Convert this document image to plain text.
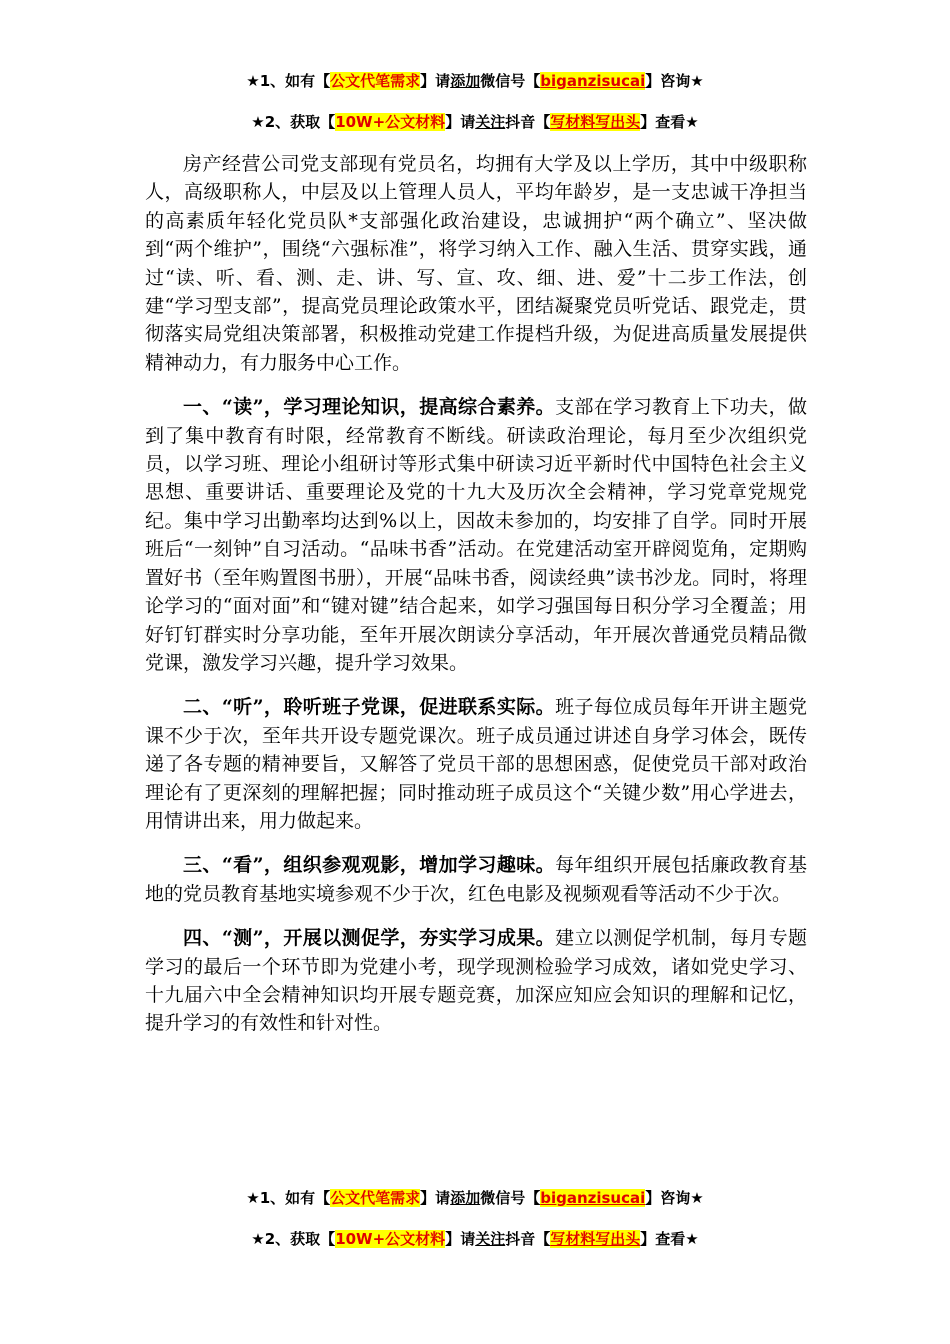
★1、如有【公文代笔需求】请添加微信号【biganzisucai】咨询★
★2、获取【10W+公文材料】请关注抖音【写材料写出头】查看★

房产经营公司党支部现有党员名，均拥有大学及以上学历，其中中级职称人，高级职称人，中层及以上管理人员人，平均年龄岁，是一支忠诚干净担当的高素质年轻化党员队*支部强化政治建设，忠诚拥护“两个确立”、坚决做到“两个维护”，围绕“六强标准”，将学习纳入工作、融入生活、贯穿实践，通过“读、听、看、测、走、讲、写、宣、攻、细、进、爱”十二步工作法，创建“学习型支部”，提高党员理论政策水平，团结凝聚党员听党话、跟党走，贯彻落实局党组决策部署，积极推动党建工作提档升级，为促进高质量发展提供精神动力，有力服务中心工作。

一、“读”，学习理论知识，提高综合素养。支部在学习教育上下功夫，做到了集中教育有时限，经常教育不断线。研读政治理论，每月至少次组织党员，以学习班、理论小组研讨等形式集中研读习近平新时代中国特色社会主义思想、重要讲话、重要理论及党的十九大及历次全会精神，学习党章党规党纪。集中学习出勤率均达到%以上，因故未参加的，均安排了自学。同时开展班后“一刻钟”自习活动。“品味书香”活动。在党建活动室开辟阅览角，定期购置好书（至年购置图书册），开展“品味书香，阅读经典”读书沙龙。同时，将理论学习的“面对面”和“键对键”结合起来，如学习强国每日积分学习全覆盖；用好钉钉群实时分享功能，至年开展次朗读分享活动，年开展次普通党员精品微党课，激发学习兴趣，提升学习效果。

二、“听”，聆听班子党课，促进联系实际。班子每位成员每年开讲主题党课不少于次，至年共开设专题党课次。班子成员通过讲述自身学习体会，既传递了各专题的精神要旨，又解答了党员干部的思想困惑，促使党员干部对政治理论有了更深刻的理解把握；同时推动班子成员这个“关键少数”用心学进去，用情讲出来，用力做起来。

三、“看”，组织参观观影，增加学习趣味。每年组织开展包括廉政教育基地的党员教育基地实境参观不少于次，红色电影及视频观看等活动不少于次。

四、“测”，开展以测促学，夯实学习成果。建立以测促学机制，每月专题学习的最后一个环节即为党建小考，现学现测检验学习成效，诸如党史学习、十九届六中全会精神知识均开展专题竞赛，加深应知应会知识的理解和记忆，提升学习的有效性和针对性。

★1、如有【公文代笔需求】请添加微信号【biganzisucai】咨询★
★2、获取【10W+公文材料】请关注抖音【写材料写出头】查看★
